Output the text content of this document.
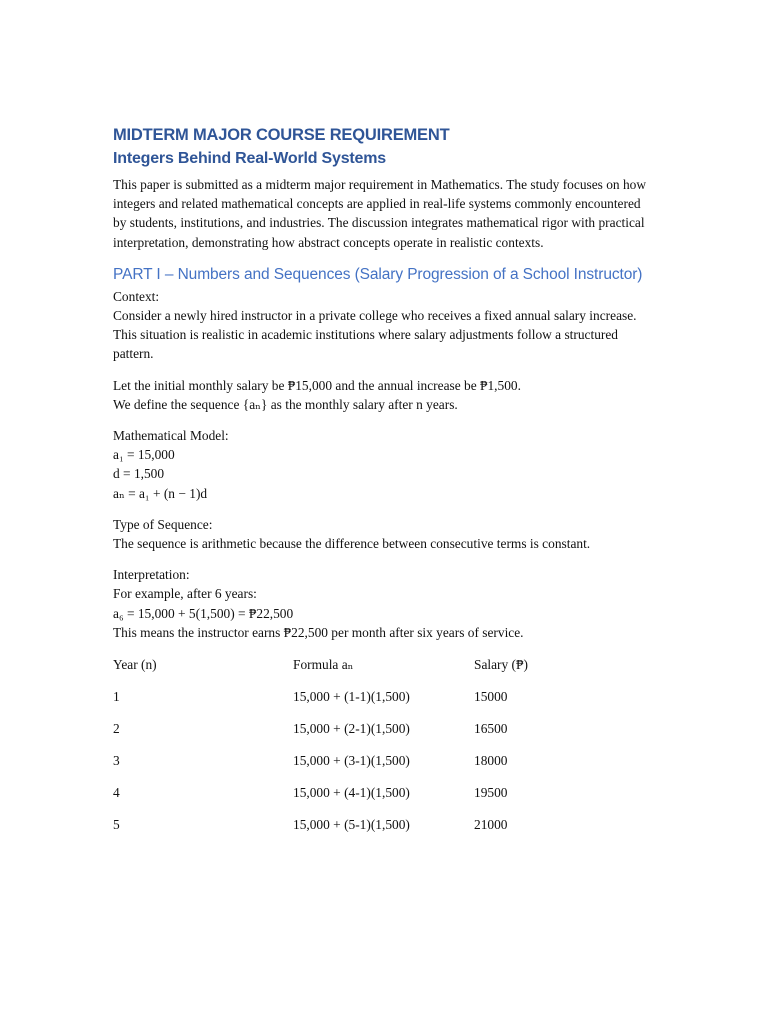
MIDTERM MAJOR COURSE REQUIREMENT
Integers Behind Real-World Systems

This paper is submitted as a midterm major requirement in Mathematics. The study focuses on how integers and related mathematical concepts are applied in real-life systems commonly encountered by students, institutions, and industries. The discussion integrates mathematical rigor with practical interpretation, demonstrating how abstract concepts operate in realistic contexts.

PART I – Numbers and Sequences (Salary Progression of a School Instructor)

Context:
Consider a newly hired instructor in a private college who receives a fixed annual salary increase. This situation is realistic in academic institutions where salary adjustments follow a structured pattern.

Let the initial monthly salary be ₱15,000 and the annual increase be ₱1,500.
We define the sequence {aₙ} as the monthly salary after n years.

Mathematical Model:
a₁ = 15,000
d = 1,500
aₙ = a₁ + (n − 1)d

Type of Sequence:
The sequence is arithmetic because the difference between consecutive terms is constant.

Interpretation:
For example, after 6 years:
a₆ = 15,000 + 5(1,500) = ₱22,500
This means the instructor earns ₱22,500 per month after six years of service.

Year (n)	Formula aₙ	Salary (₱)
1	15,000 + (1-1)(1,500)	15000
2	15,000 + (2-1)(1,500)	16500
3	15,000 + (3-1)(1,500)	18000
4	15,000 + (4-1)(1,500)	19500
5	15,000 + (5-1)(1,500)	21000
